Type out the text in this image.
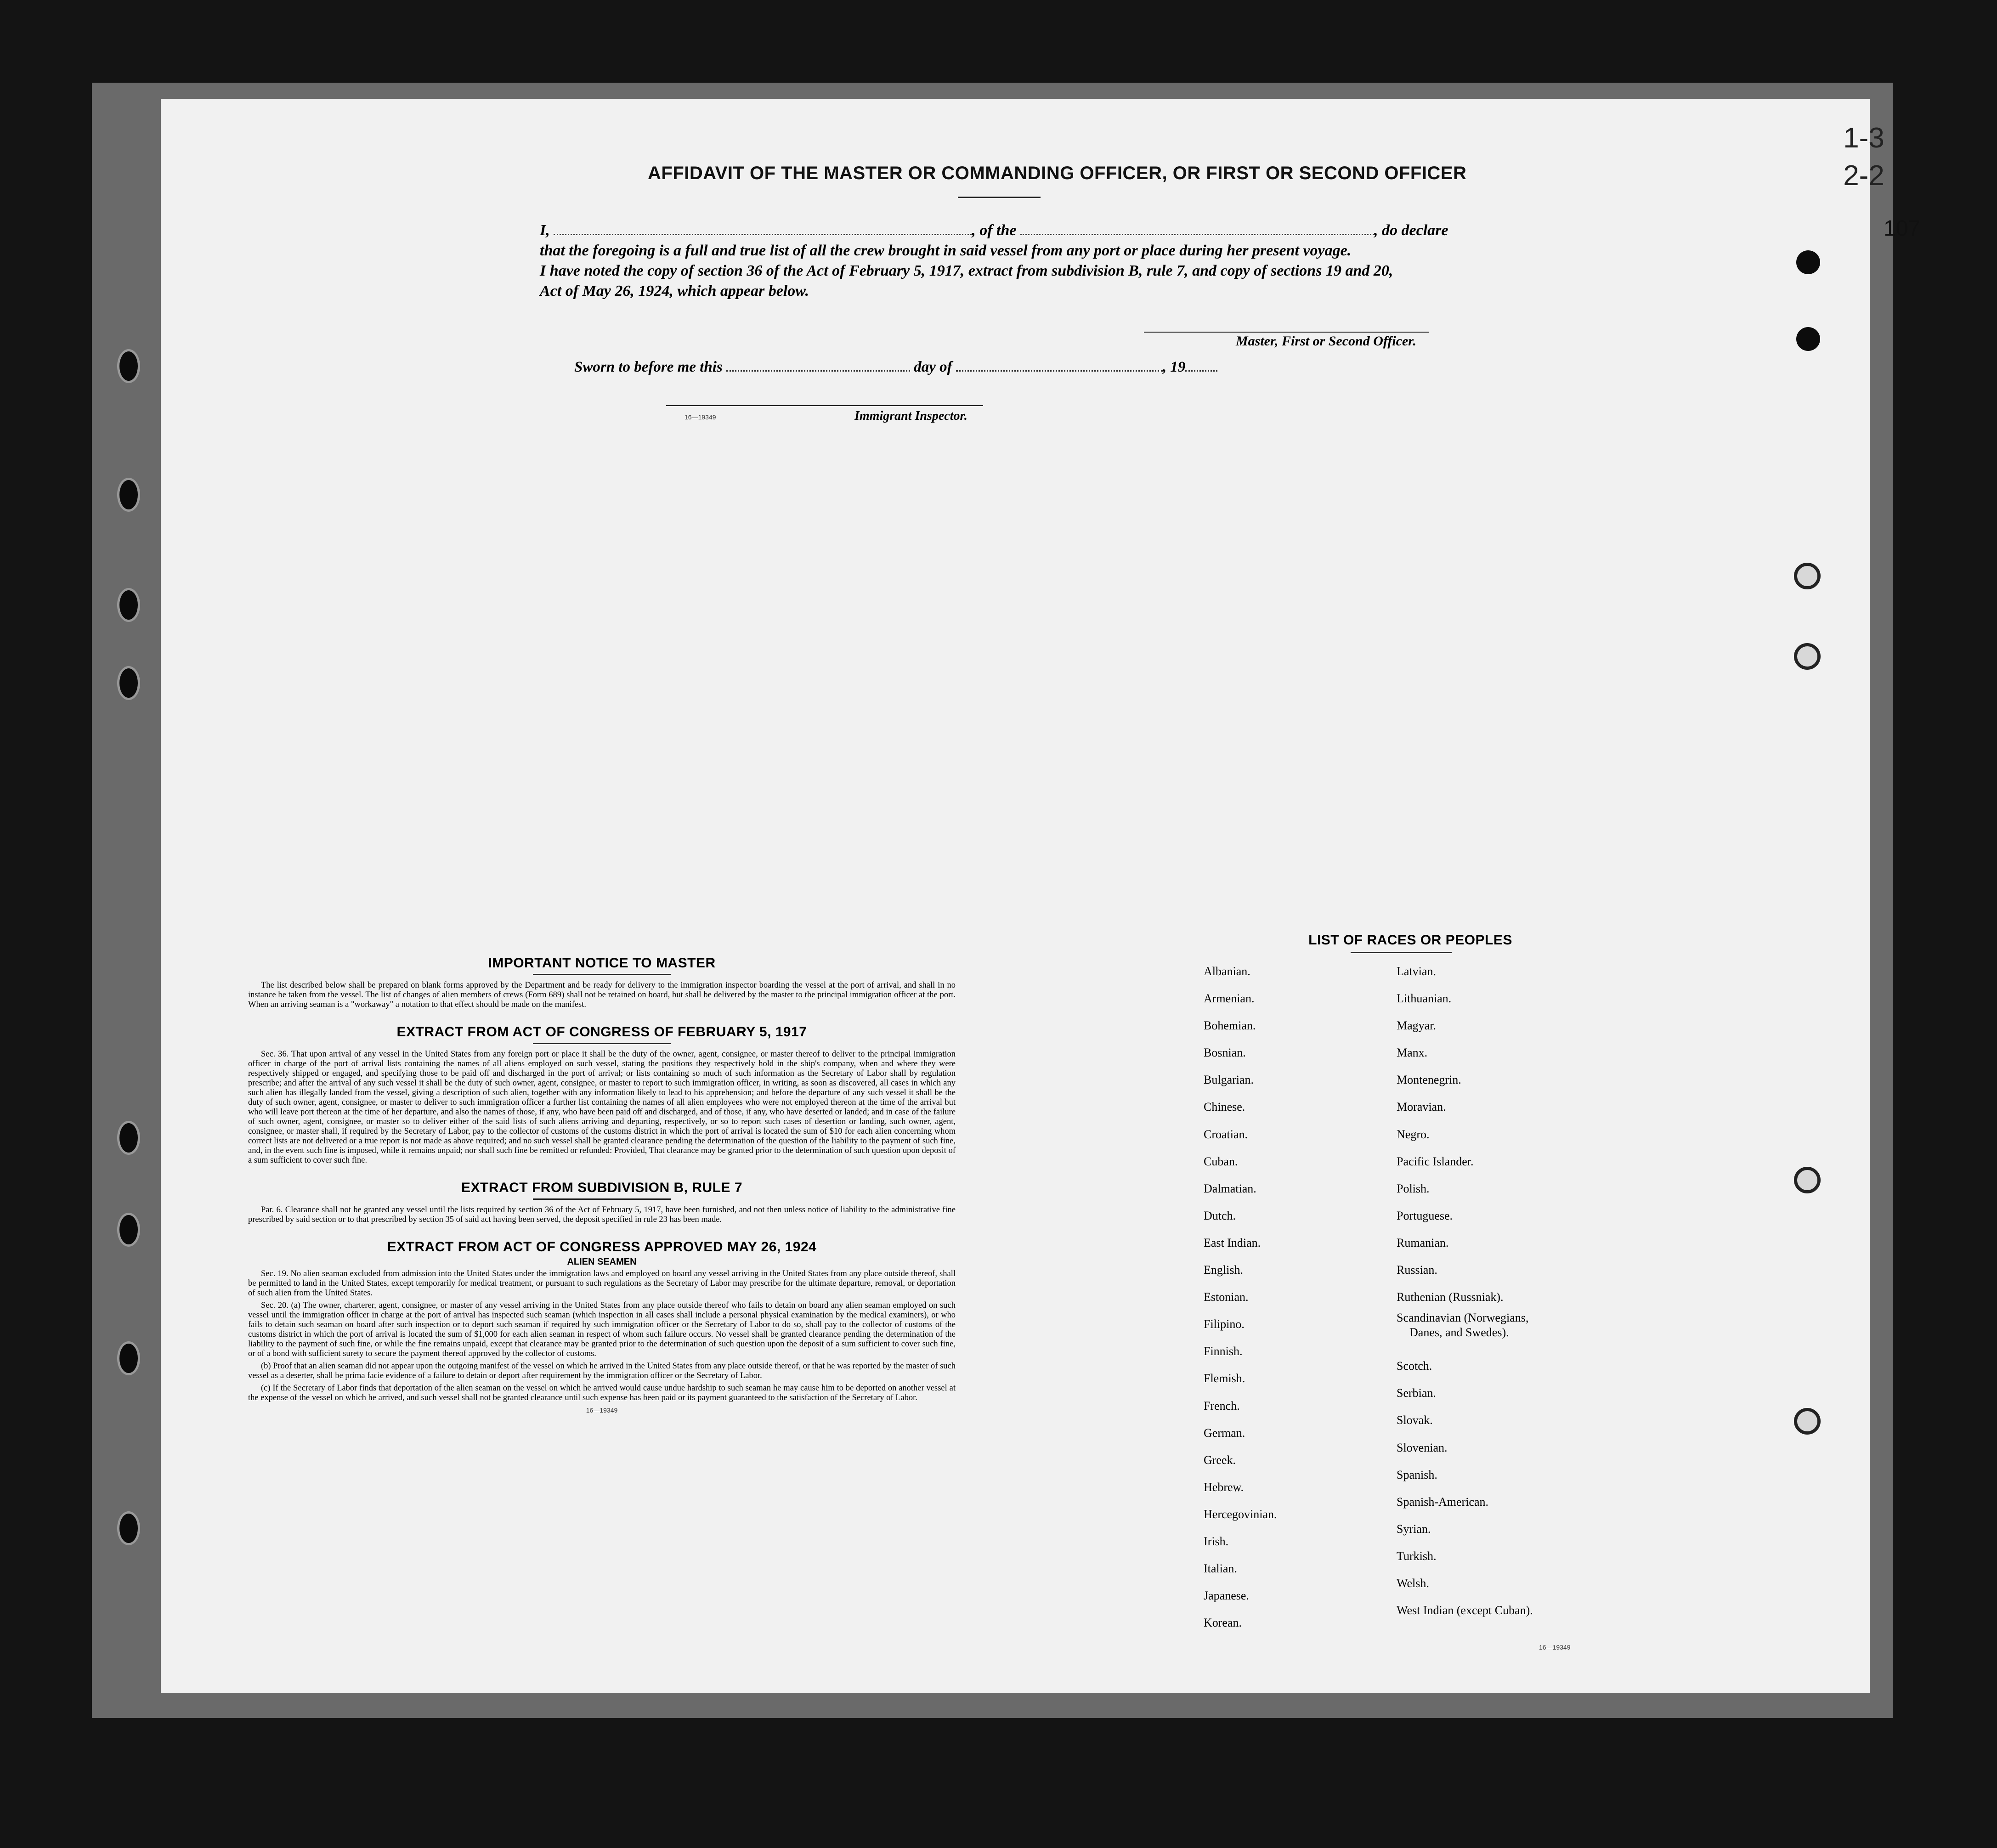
1-3
2-2
107
AFFIDAVIT OF THE MASTER OR COMMANDING OFFICER, OR FIRST OR SECOND OFFICER
I,	, of the	, do declare
that the foregoing is a full and true list of all the crew brought in said vessel from any port or place during her present voyage.
I have noted the copy of section 36 of the Act of February 5, 1917, extract from subdivision B, rule 7, and copy of sections 19 and 20,
Act of May 26, 1924, which appear below.
Master, First or Second Officer.
Sworn to before me this	day of	, 19
16—19349	Immigrant Inspector.
IMPORTANT NOTICE TO MASTER

The list described below shall be prepared on blank forms approved by the Department and be ready for delivery to the immigration inspector boarding the vessel at the port of arrival, and shall in no instance be taken from the vessel. The list of changes of alien members of crews (Form 689) shall not be retained on board, but shall be delivered by the master to the principal immigration officer at the port. When an arriving seaman is a "workaway" a notation to that effect should be made on the manifest.

EXTRACT FROM ACT OF CONGRESS OF FEBRUARY 5, 1917

Sec. 36. That upon arrival of any vessel in the United States from any foreign port or place it shall be the duty of the owner, agent, consignee, or master thereof to deliver to the principal immigration officer in charge of the port of arrival lists containing the names of all aliens employed on such vessel, stating the positions they respectively hold in the ship's company, when and where they were respectively shipped or engaged, and specifying those to be paid off and discharged in the port of arrival; or lists containing so much of such information as the Secretary of Labor shall by regulation prescribe; and after the arrival of any such vessel it shall be the duty of such owner, agent, consignee, or master to report to such immigration officer, in writing, as soon as discovered, all cases in which any such alien has illegally landed from the vessel, giving a description of such alien, together with any information likely to lead to his apprehension; and before the departure of any such vessel it shall be the duty of such owner, agent, consignee, or master to deliver to such immigration officer a further list containing the names of all alien employees who were not employed thereon at the time of the arrival but who will leave port thereon at the time of her departure, and also the names of those, if any, who have been paid off and discharged, and of those, if any, who have deserted or landed; and in case of the failure of such owner, agent, consignee, or master so to deliver either of the said lists of such aliens arriving and departing, respectively, or so to report such cases of desertion or landing, such owner, agent, consignee, or master shall, if required by the Secretary of Labor, pay to the collector of customs of the customs district in which the port of arrival is located the sum of $10 for each alien concerning whom correct lists are not delivered or a true report is not made as above required; and no such vessel shall be granted clearance pending the determination of the question of the liability to the payment of such fine, and, in the event such fine is imposed, while it remains unpaid; nor shall such fine be remitted or refunded: Provided, That clearance may be granted prior to the determination of such question upon deposit of a sum sufficient to cover such fine.

EXTRACT FROM SUBDIVISION B, RULE 7

Par. 6. Clearance shall not be granted any vessel until the lists required by section 36 of the Act of February 5, 1917, have been furnished, and not then unless notice of liability to the administrative fine prescribed by said section or to that prescribed by section 35 of said act having been served, the deposit specified in rule 23 has been made.

EXTRACT FROM ACT OF CONGRESS APPROVED MAY 26, 1924
ALIEN SEAMEN

Sec. 19. No alien seaman excluded from admission into the United States under the immigration laws and employed on board any vessel arriving in the United States from any place outside thereof, shall be permitted to land in the United States, except temporarily for medical treatment, or pursuant to such regulations as the Secretary of Labor may prescribe for the ultimate departure, removal, or deportation of such alien from the United States.

Sec. 20. (a) The owner, charterer, agent, consignee, or master of any vessel arriving in the United States from any place outside thereof who fails to detain on board any alien seaman employed on such vessel until the immigration officer in charge at the port of arrival has inspected such seaman (which inspection in all cases shall include a personal physical examination by the medical examiners), or who fails to detain such seaman on board after such inspection or to deport such seaman if required by such immigration officer or the Secretary of Labor to do so, shall pay to the collector of customs of the customs district in which the port of arrival is located the sum of $1,000 for each alien seaman in respect of whom such failure occurs. No vessel shall be granted clearance pending the determination of the liability to the payment of such fine, or while the fine remains unpaid, except that clearance may be granted prior to the determination of such question upon the deposit of a sum sufficient to cover such fine, or of a bond with sufficient surety to secure the payment thereof approved by the collector of customs.

(b) Proof that an alien seaman did not appear upon the outgoing manifest of the vessel on which he arrived in the United States from any place outside thereof, or that he was reported by the master of such vessel as a deserter, shall be prima facie evidence of a failure to detain or deport after requirement by the immigration officer or the Secretary of Labor.

(c) If the Secretary of Labor finds that deportation of the alien seaman on the vessel on which he arrived would cause undue hardship to such seaman he may cause him to be deported on another vessel at the expense of the vessel on which he arrived, and such vessel shall not be granted clearance until such expense has been paid or its payment guaranteed to the satisfaction of the Secretary of Labor.

16—19349
LIST OF RACES OR PEOPLES
Albanian.
Armenian.
Bohemian.
Bosnian.
Bulgarian.
Chinese.
Croatian.
Cuban.
Dalmatian.
Dutch.
East Indian.
English.
Estonian.
Filipino.
Finnish.
Flemish.
French.
German.
Greek.
Hebrew.
Hercegovinian.
Irish.
Italian.
Japanese.
Korean.
Latvian.
Lithuanian.
Magyar.
Manx.
Montenegrin.
Moravian.
Negro.
Pacific Islander.
Polish.
Portuguese.
Rumanian.
Russian.
Ruthenian (Russniak).
Scandinavian (Norwegians,
Danes, and Swedes).
Scotch.
Serbian.
Slovak.
Slovenian.
Spanish.
Spanish-American.
Syrian.
Turkish.
Welsh.
West Indian (except Cuban).
16—19349
